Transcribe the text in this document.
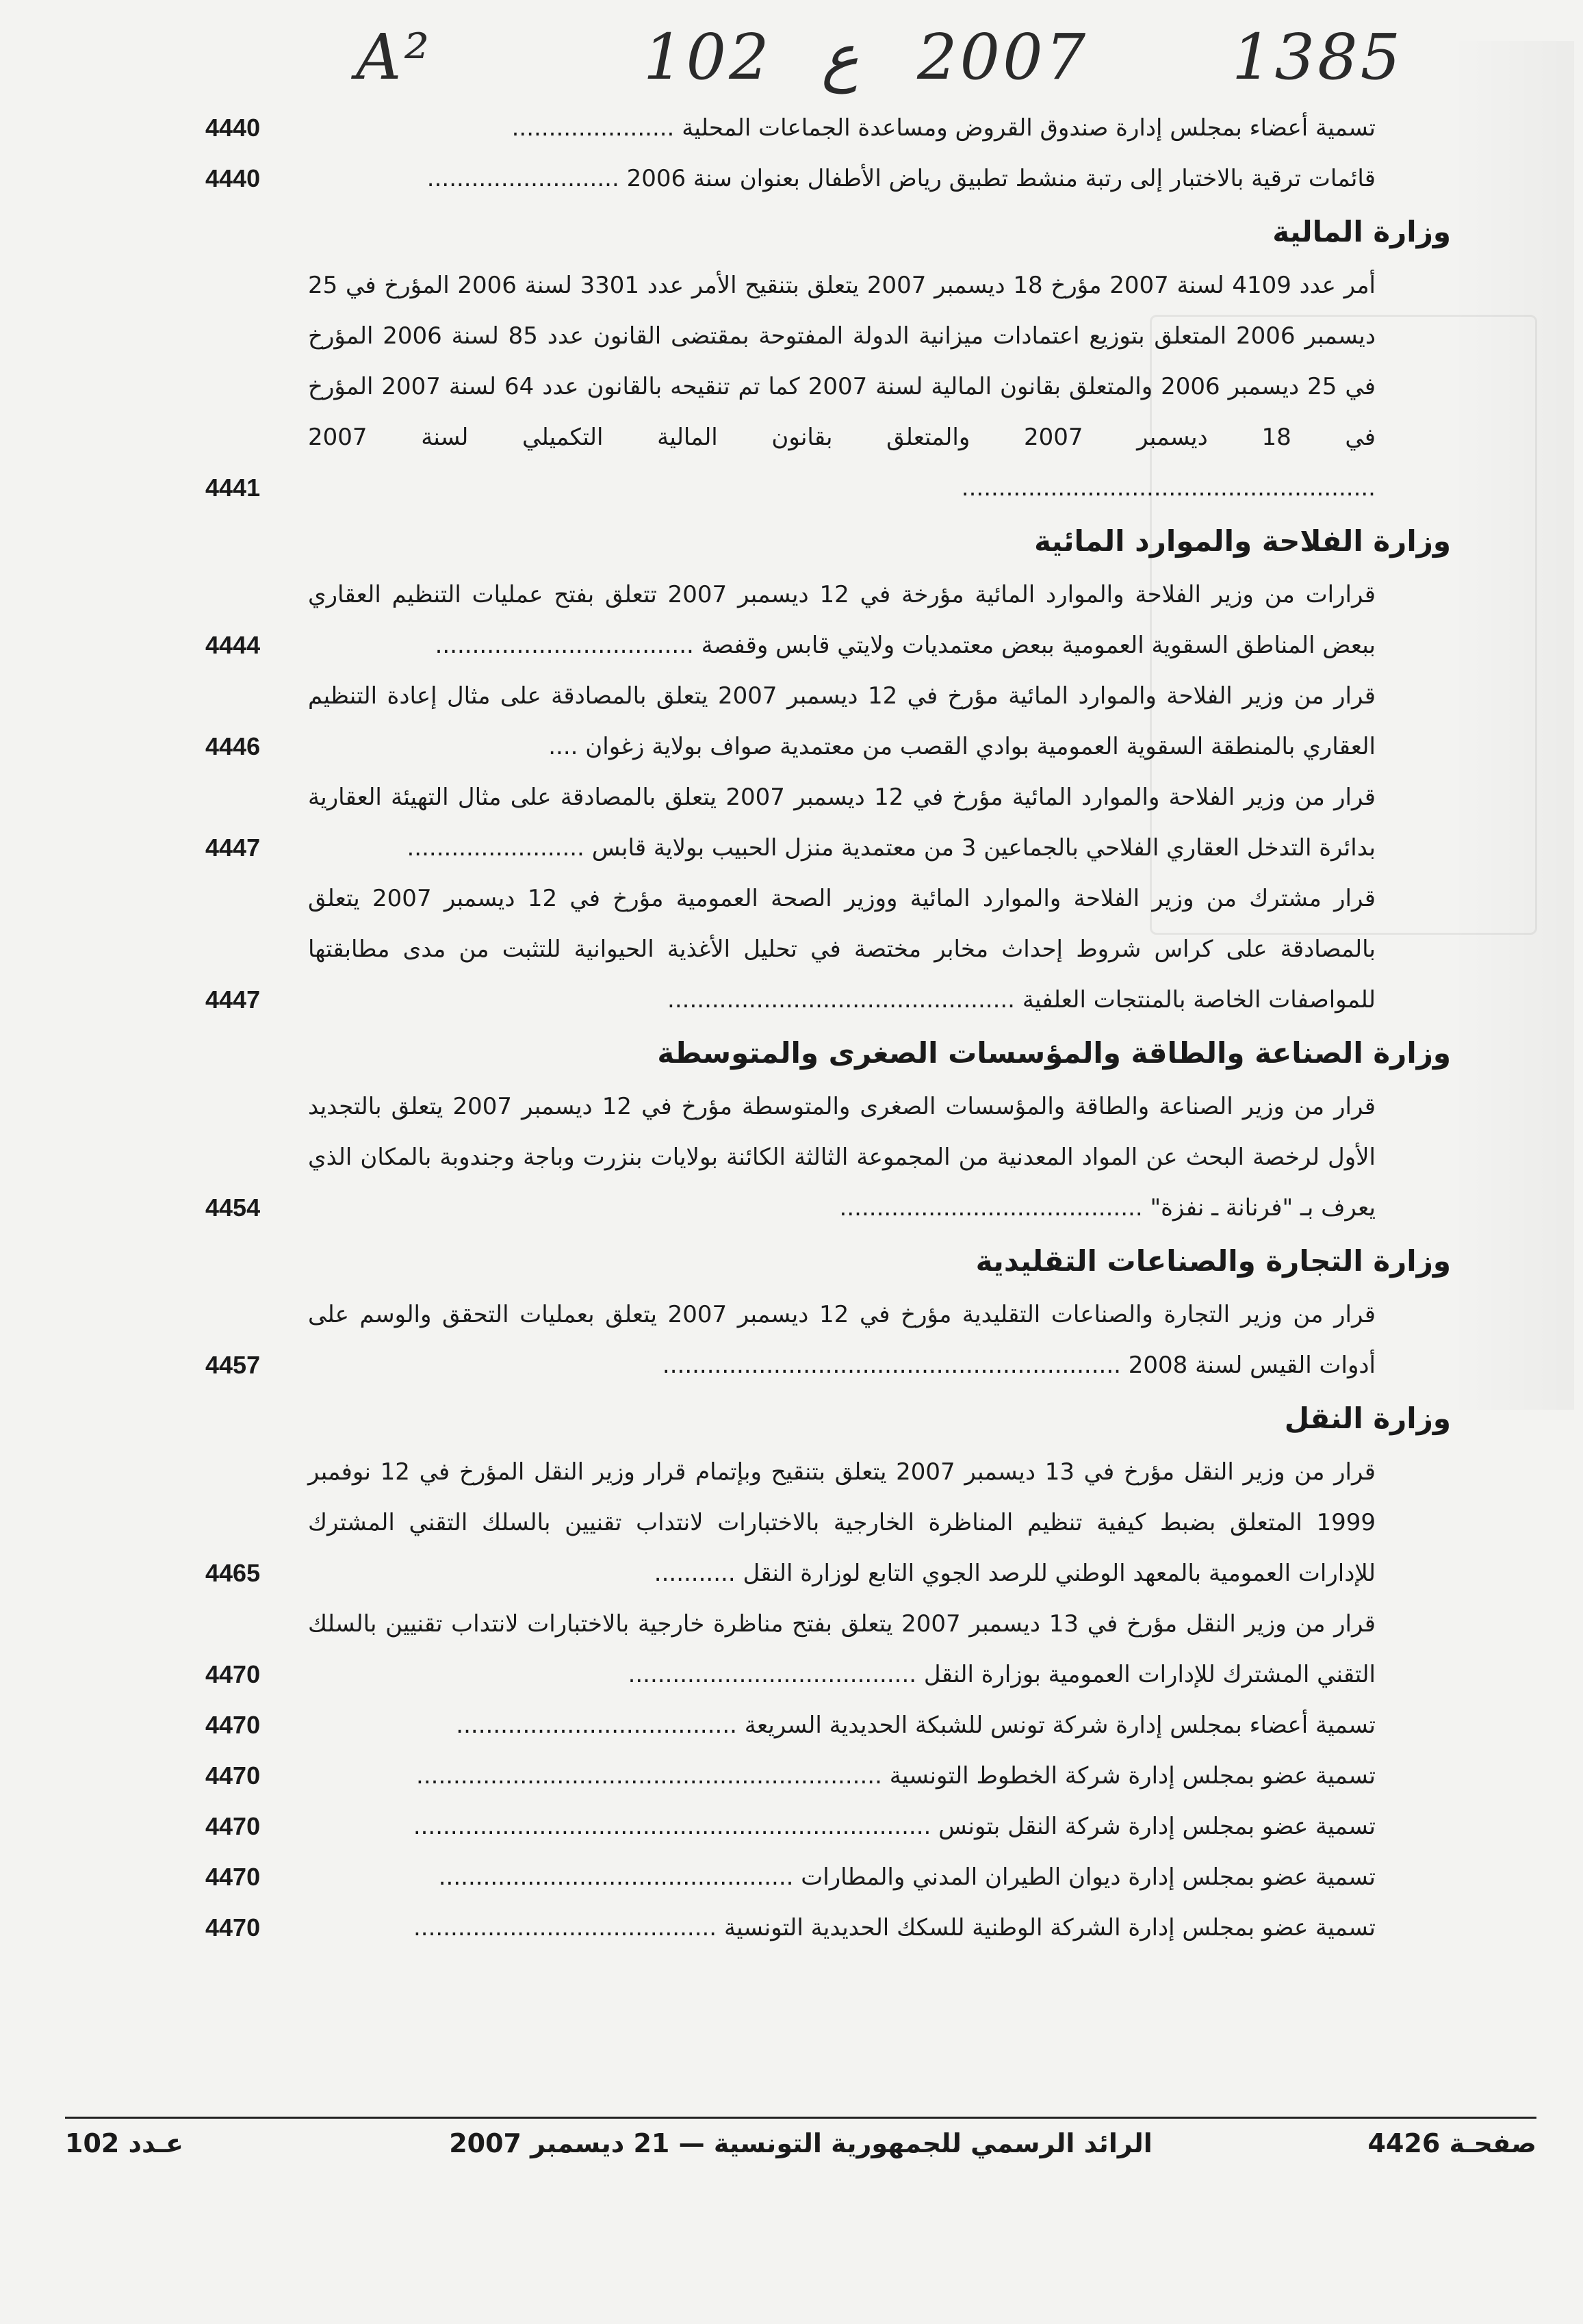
A²	102 ع 2007 1385
تسمية أعضاء بمجلس إدارة صندوق القروض ومساعدة الجماعات المحلية ......................
4440
قائمات ترقية بالاختبار إلى رتبة منشط تطبيق رياض الأطفال بعنوان سنة 2006 ..........................
4440
وزارة المالية
أمر عدد 4109 لسنة 2007 مؤرخ 18 ديسمبر 2007 يتعلق بتنقيح الأمر عدد 3301 لسنة 2006 المؤرخ في 25 ديسمبر 2006 المتعلق بتوزيع اعتمادات ميزانية الدولة المفتوحة بمقتضى القانون عدد 85 لسنة 2006 المؤرخ في 25 ديسمبر 2006 والمتعلق بقانون المالية لسنة 2007 كما تم تنقيحه بالقانون عدد 64 لسنة 2007 المؤرخ في 18 ديسمبر 2007 والمتعلق بقانون المالية التكميلي لسنة 2007 ........................................................
4441
وزارة الفلاحة والموارد المائية
قرارات من وزير الفلاحة والموارد المائية مؤرخة في 12 ديسمبر 2007 تتعلق بفتح عمليات التنظيم العقاري ببعض المناطق السقوية العمومية ببعض معتمديات ولايتي قابس وقفصة ...................................
4444
قرار من وزير الفلاحة والموارد المائية مؤرخ في 12 ديسمبر 2007 يتعلق بالمصادقة على مثال إعادة التنظيم العقاري بالمنطقة السقوية العمومية بوادي القصب من معتمدية صواف بولاية زغوان ....
4446
قرار من وزير الفلاحة والموارد المائية مؤرخ في 12 ديسمبر 2007 يتعلق بالمصادقة على مثال التهيئة العقارية بدائرة التدخل العقاري الفلاحي بالجماعين 3 من معتمدية منزل الحبيب بولاية قابس ........................
4447
قرار مشترك من وزير الفلاحة والموارد المائية ووزير الصحة العمومية مؤرخ في 12 ديسمبر 2007 يتعلق بالمصادقة على كراس شروط إحداث مخابر مختصة في تحليل الأغذية الحيوانية للتثبت من مدى مطابقتها للمواصفات الخاصة بالمنتجات العلفية ...............................................
4447
وزارة الصناعة والطاقة والمؤسسات الصغرى والمتوسطة
قرار من وزير الصناعة والطاقة والمؤسسات الصغرى والمتوسطة مؤرخ في 12 ديسمبر 2007 يتعلق بالتجديد الأول لرخصة البحث عن المواد المعدنية من المجموعة الثالثة الكائنة بولايات بنزرت وباجة وجندوبة بالمكان الذي يعرف بـ "فرنانة ـ نفزة" .........................................
4454
وزارة التجارة والصناعات التقليدية
قرار من وزير التجارة والصناعات التقليدية مؤرخ في 12 ديسمبر 2007 يتعلق بعمليات التحقق والوسم على أدوات القيس لسنة 2008 ..............................................................
4457
وزارة النقل
قرار من وزير النقل مؤرخ في 13 ديسمبر 2007 يتعلق بتنقيح وبإتمام قرار وزير النقل المؤرخ في 12 نوفمبر 1999 المتعلق بضبط كيفية تنظيم المناظرة الخارجية بالاختبارات لانتداب تقنيين بالسلك التقني المشترك للإدارات العمومية بالمعهد الوطني للرصد الجوي التابع لوزارة النقل ...........
4465
قرار من وزير النقل مؤرخ في 13 ديسمبر 2007 يتعلق بفتح مناظرة خارجية بالاختبارات لانتداب تقنيين بالسلك التقني المشترك للإدارات العمومية بوزارة النقل .......................................
4470
تسمية أعضاء بمجلس إدارة شركة تونس للشبكة الحديدية السريعة ......................................
4470
تسمية عضو بمجلس إدارة شركة الخطوط التونسية ...............................................................
4470
تسمية عضو بمجلس إدارة شركة النقل بتونس ......................................................................
4470
تسمية عضو بمجلس إدارة ديوان الطيران المدني والمطارات ................................................
4470
تسمية عضو بمجلس إدارة الشركة الوطنية للسكك الحديدية التونسية .........................................
4470
صفحـة 4426
الرائد الرسمي للجمهورية التونسية — 21 ديسمبر 2007
عـدد 102
